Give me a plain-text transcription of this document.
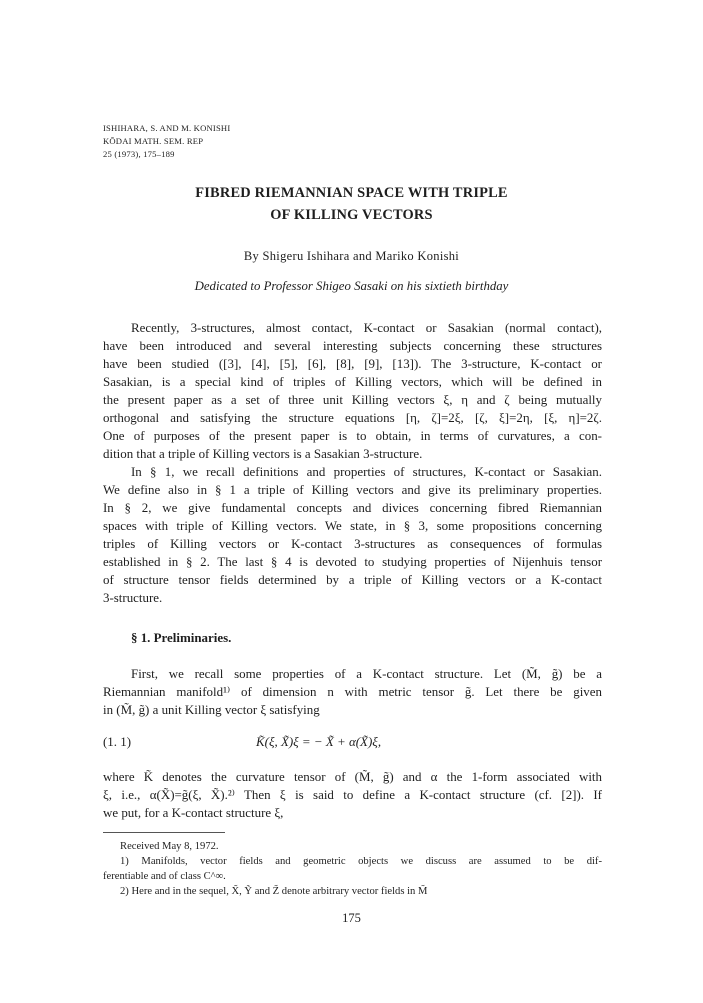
ISHIHARA, S. AND M. KONISHI
KŌDAI MATH. SEM. REP
25 (1973), 175–189
FIBRED RIEMANNIAN SPACE WITH TRIPLE
OF KILLING VECTORS
By Shigeru Ishihara and Mariko Konishi
Dedicated to Professor Shigeo Sasaki on his sixtieth birthday
Recently, 3-structures, almost contact, K-contact or Sasakian (normal contact),
have been introduced and several interesting subjects concerning these structures
have been studied ([3], [4], [5], [6], [8], [9], [13]). The 3-structure, K-contact or
Sasakian, is a special kind of triples of Killing vectors, which will be defined in
the present paper as a set of three unit Killing vectors ξ, η and ζ being mutually
orthogonal and satisfying the structure equations [η, ζ]=2ξ, [ζ, ξ]=2η, [ξ, η]=2ζ.
One of purposes of the present paper is to obtain, in terms of curvatures, a con-
dition that a triple of Killing vectors is a Sasakian 3-structure.
In § 1, we recall definitions and properties of structures, K-contact or Sasakian.
We define also in § 1 a triple of Killing vectors and give its preliminary properties.
In § 2, we give fundamental concepts and divices concerning fibred Riemannian
spaces with triple of Killing vectors. We state, in § 3, some propositions concerning
triples of Killing vectors or K-contact 3-structures as consequences of formulas
established in § 2. The last § 4 is devoted to studying properties of Nijenhuis tensor
of structure tensor fields determined by a triple of Killing vectors or a K-contact
3-structure.
§ 1. Preliminaries.
First, we recall some properties of a K-contact structure. Let (M̃, g̃) be a
Riemannian manifold¹⁾ of dimension n with metric tensor g̃. Let there be given
in (M̃, g̃) a unit Killing vector ξ satisfying
(1. 1)	K̃(ξ, X̃)ξ = − X̃ + α(X̃)ξ,
where K̃ denotes the curvature tensor of (M̃, g̃) and α the 1-form associated with
ξ, i.e., α(X̃)=g̃(ξ, X̃).²⁾ Then ξ is said to define a K-contact structure (cf. [2]). If
we put, for a K-contact structure ξ,
Received May 8, 1972.
1) Manifolds, vector fields and geometric objects we discuss are assumed to be dif-
ferentiable and of class C^∞.
2) Here and in the sequel, X̃, Ỹ and Z̃ denote arbitrary vector fields in M̃
175
